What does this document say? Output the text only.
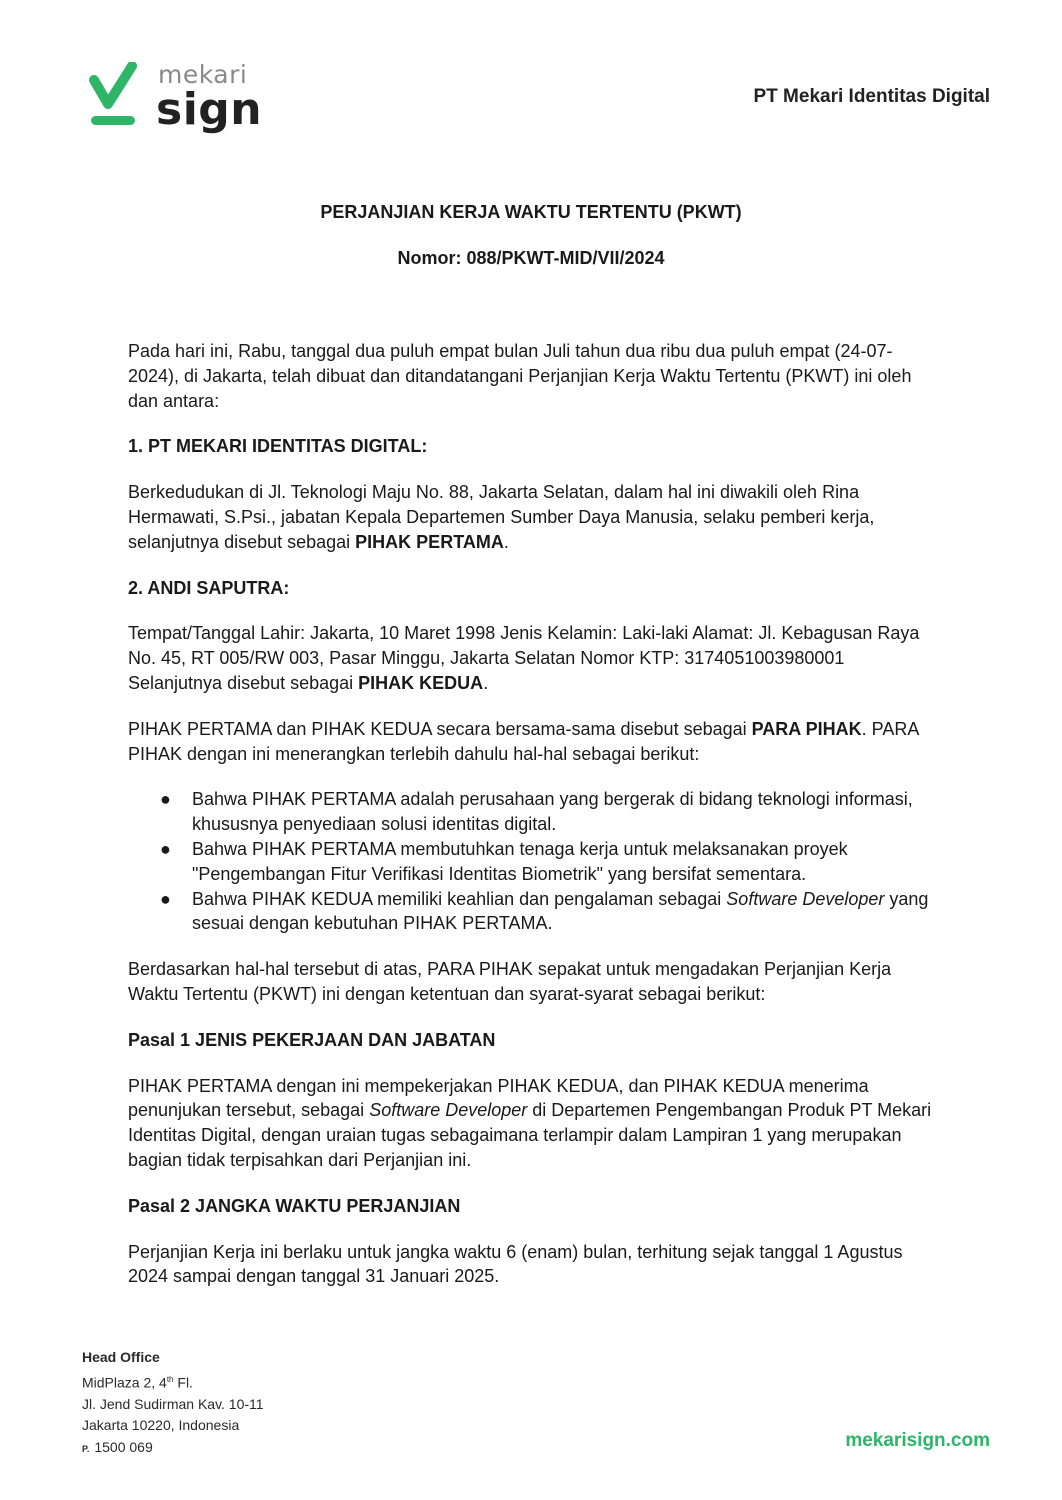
mekari
sign	PT Mekari Identitas Digital
PERJANJIAN KERJA WAKTU TERTENTU (PKWT)
Nomor: 088/PKWT-MID/VII/2024

Pada hari ini, Rabu, tanggal dua puluh empat bulan Juli tahun dua ribu dua puluh empat (24-07-2024), di Jakarta, telah dibuat dan ditandatangani Perjanjian Kerja Waktu Tertentu (PKWT) ini oleh dan antara:

1. PT MEKARI IDENTITAS DIGITAL:

Berkedudukan di Jl. Teknologi Maju No. 88, Jakarta Selatan, dalam hal ini diwakili oleh Rina Hermawati, S.Psi., jabatan Kepala Departemen Sumber Daya Manusia, selaku pemberi kerja, selanjutnya disebut sebagai PIHAK PERTAMA.

2. ANDI SAPUTRA:

Tempat/Tanggal Lahir: Jakarta, 10 Maret 1998 Jenis Kelamin: Laki-laki Alamat: Jl. Kebagusan Raya No. 45, RT 005/RW 003, Pasar Minggu, Jakarta Selatan Nomor KTP: 3174051003980001 Selanjutnya disebut sebagai PIHAK KEDUA.

PIHAK PERTAMA dan PIHAK KEDUA secara bersama-sama disebut sebagai PARA PIHAK. PARA PIHAK dengan ini menerangkan terlebih dahulu hal-hal sebagai berikut:

● Bahwa PIHAK PERTAMA adalah perusahaan yang bergerak di bidang teknologi informasi, khususnya penyediaan solusi identitas digital.
● Bahwa PIHAK PERTAMA membutuhkan tenaga kerja untuk melaksanakan proyek "Pengembangan Fitur Verifikasi Identitas Biometrik" yang bersifat sementara.
● Bahwa PIHAK KEDUA memiliki keahlian dan pengalaman sebagai Software Developer yang sesuai dengan kebutuhan PIHAK PERTAMA.

Berdasarkan hal-hal tersebut di atas, PARA PIHAK sepakat untuk mengadakan Perjanjian Kerja Waktu Tertentu (PKWT) ini dengan ketentuan dan syarat-syarat sebagai berikut:

Pasal 1 JENIS PEKERJAAN DAN JABATAN

PIHAK PERTAMA dengan ini mempekerjakan PIHAK KEDUA, dan PIHAK KEDUA menerima penunjukan tersebut, sebagai Software Developer di Departemen Pengembangan Produk PT Mekari Identitas Digital, dengan uraian tugas sebagaimana terlampir dalam Lampiran 1 yang merupakan bagian tidak terpisahkan dari Perjanjian ini.

Pasal 2 JANGKA WAKTU PERJANJIAN

Perjanjian Kerja ini berlaku untuk jangka waktu 6 (enam) bulan, terhitung sejak tanggal 1 Agustus 2024 sampai dengan tanggal 31 Januari 2025.

Head Office
MidPlaza 2, 4th Fl.
Jl. Jend Sudirman Kav. 10-11
Jakarta 10220, Indonesia
P. 1500 069	mekarisign.com
